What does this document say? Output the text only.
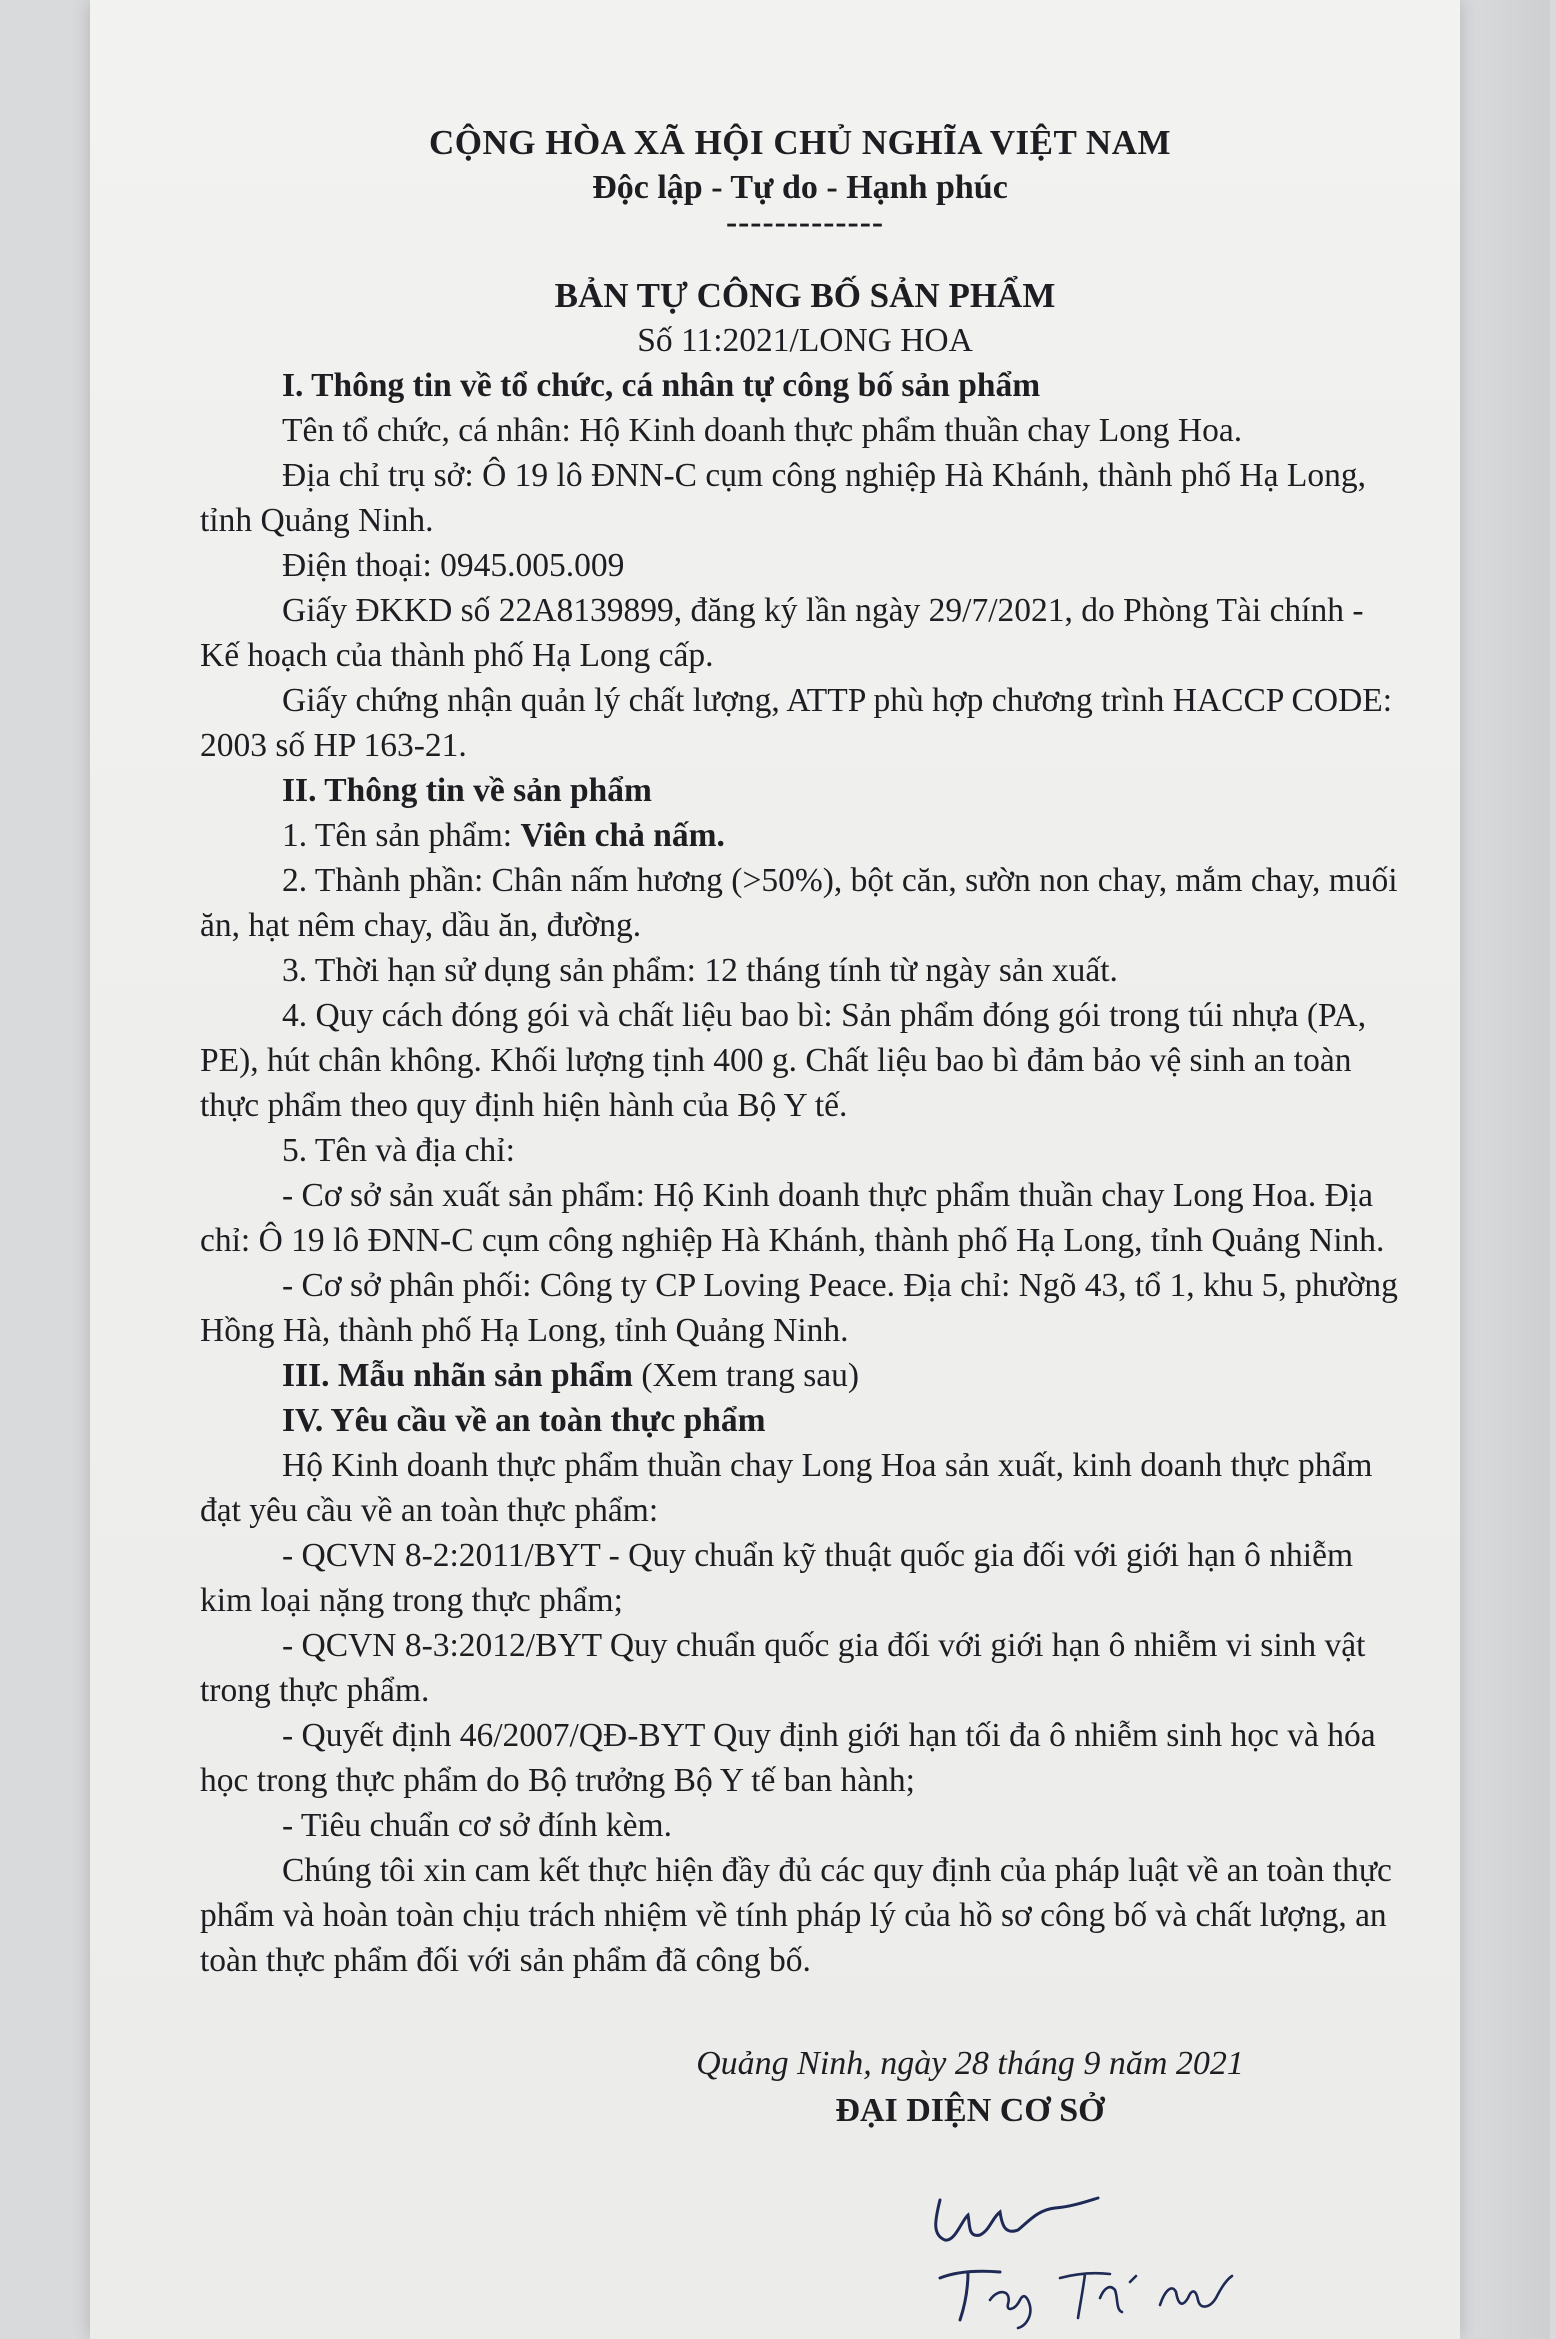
CỘNG HÒA XÃ HỘI CHỦ NGHĨA VIỆT NAM

Độc lập - Tự do - Hạnh phúc

-------------

BẢN TỰ CÔNG BỐ SẢN PHẨM

Số 11:2021/LONG HOA

I. Thông tin về tổ chức, cá nhân tự công bố sản phẩm

Tên tổ chức, cá nhân: Hộ Kinh doanh thực phẩm thuần chay Long Hoa.

Địa chỉ trụ sở: Ô 19 lô ĐNN-C cụm công nghiệp Hà Khánh, thành phố Hạ Long, tỉnh Quảng Ninh.

Điện thoại: 0945.005.009

Giấy ĐKKD số 22A8139899, đăng ký lần ngày 29/7/2021, do Phòng Tài chính - Kế hoạch của thành phố Hạ Long cấp.

Giấy chứng nhận quản lý chất lượng, ATTP phù hợp chương trình HACCP CODE: 2003 số HP 163-21.

II. Thông tin về sản phẩm

1. Tên sản phẩm: Viên chả nấm.

2. Thành phần: Chân nấm hương (>50%), bột căn, sườn non chay, mắm chay, muối ăn, hạt nêm chay, dầu ăn, đường.

3. Thời hạn sử dụng sản phẩm: 12 tháng tính từ ngày sản xuất.

4. Quy cách đóng gói và chất liệu bao bì: Sản phẩm đóng gói trong túi nhựa (PA, PE), hút chân không. Khối lượng tịnh 400 g. Chất liệu bao bì đảm bảo vệ sinh an toàn thực phẩm theo quy định hiện hành của Bộ Y tế.

5. Tên và địa chỉ:

- Cơ sở sản xuất sản phẩm: Hộ Kinh doanh thực phẩm thuần chay Long Hoa. Địa chỉ: Ô 19 lô ĐNN-C cụm công nghiệp Hà Khánh, thành phố Hạ Long, tỉnh Quảng Ninh.

- Cơ sở phân phối: Công ty CP Loving Peace. Địa chỉ: Ngõ 43, tổ 1, khu 5, phường Hồng Hà, thành phố Hạ Long, tỉnh Quảng Ninh.

III. Mẫu nhãn sản phẩm (Xem trang sau)

IV. Yêu cầu về an toàn thực phẩm

Hộ Kinh doanh thực phẩm thuần chay Long Hoa sản xuất, kinh doanh thực phẩm đạt yêu cầu về an toàn thực phẩm:

- QCVN 8-2:2011/BYT - Quy chuẩn kỹ thuật quốc gia đối với giới hạn ô nhiễm kim loại nặng trong thực phẩm;

- QCVN 8-3:2012/BYT Quy chuẩn quốc gia đối với giới hạn ô nhiễm vi sinh vật trong thực phẩm.

- Quyết định 46/2007/QĐ-BYT Quy định giới hạn tối đa ô nhiễm sinh học và hóa học trong thực phẩm do Bộ trưởng Bộ Y tế ban hành;

- Tiêu chuẩn cơ sở đính kèm.

Chúng tôi xin cam kết thực hiện đầy đủ các quy định của pháp luật về an toàn thực phẩm và hoàn toàn chịu trách nhiệm về tính pháp lý của hồ sơ công bố và chất lượng, an toàn thực phẩm đối với sản phẩm đã công bố.

Quảng Ninh, ngày 28 tháng 9 năm 2021
ĐẠI DIỆN CƠ SỞ
